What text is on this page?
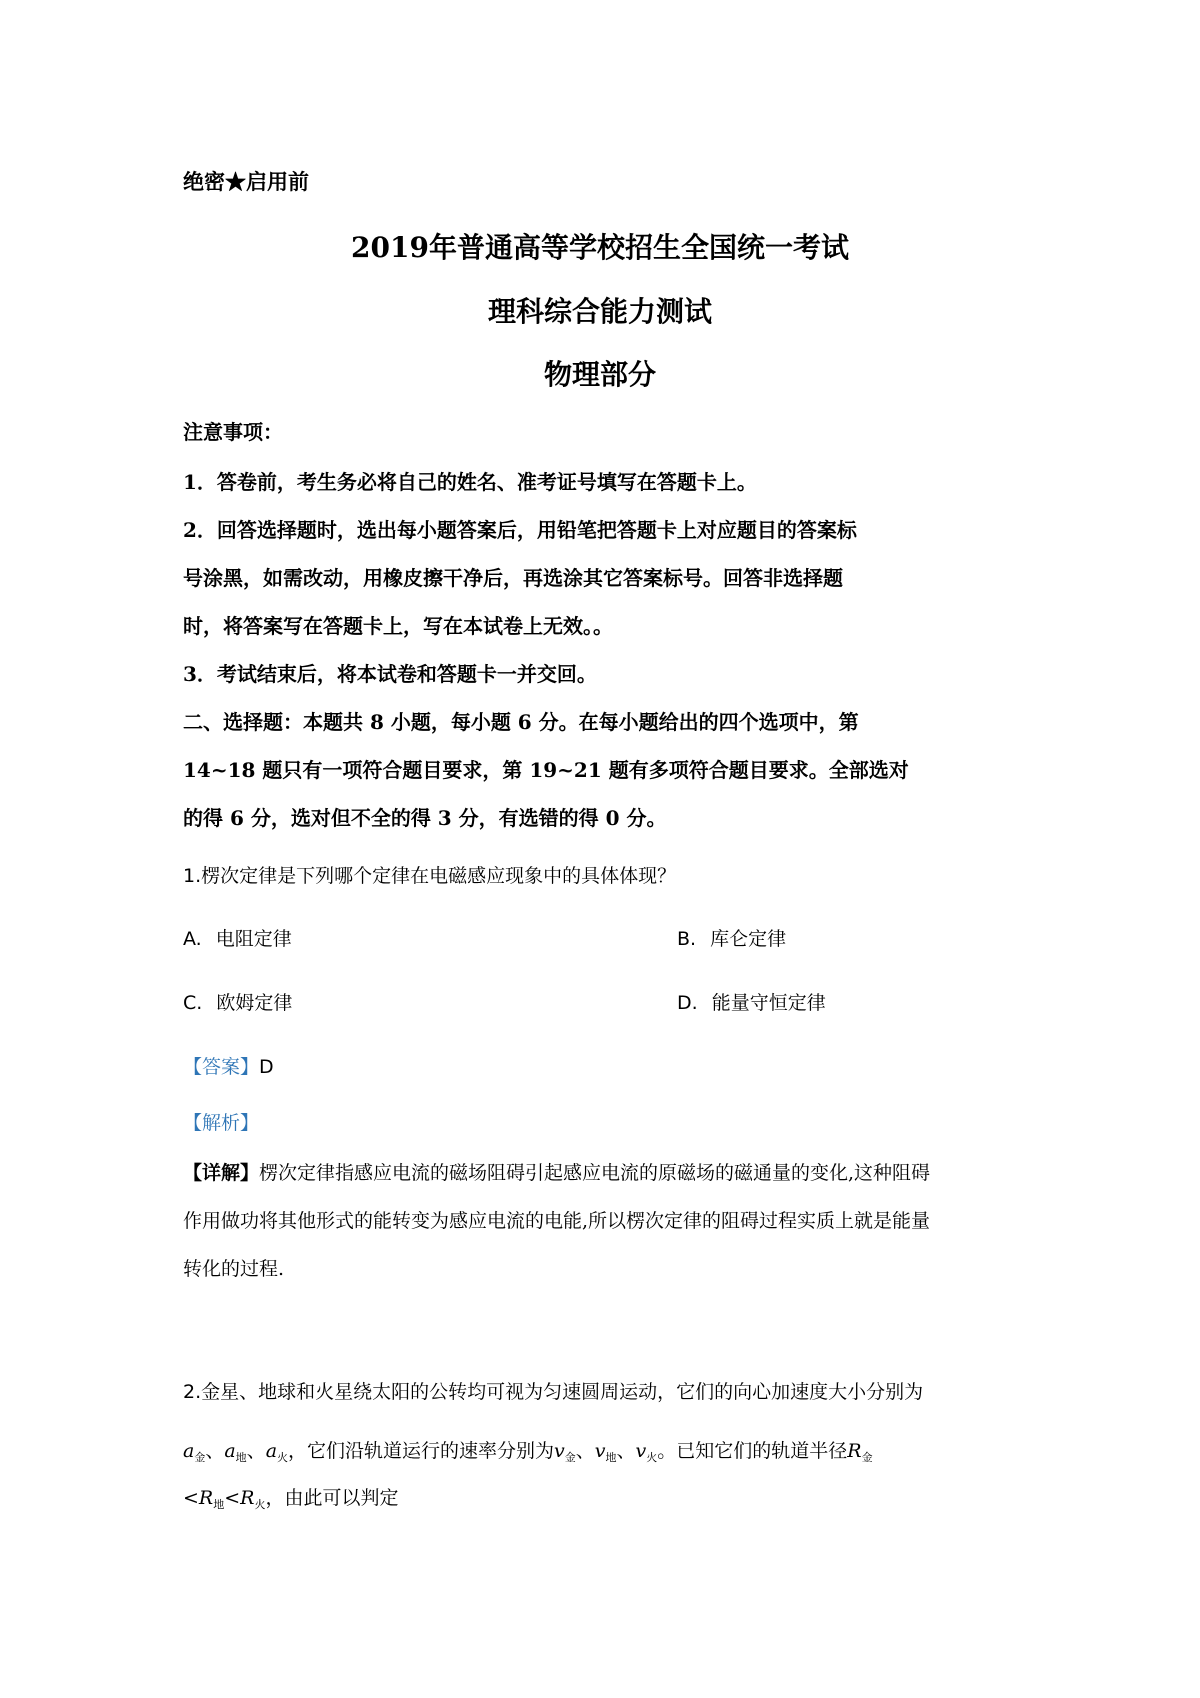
绝密★启用前
2019年普通高等学校招生全国统一考试
理科综合能力测试
物理部分
注意事项：
1．答卷前，考生务必将自己的姓名、准考证号填写在答题卡上。
2．回答选择题时，选出每小题答案后，用铅笔把答题卡上对应题目的答案标
号涂黑，如需改动，用橡皮擦干净后，再选涂其它答案标号。回答非选择题
时，将答案写在答题卡上，写在本试卷上无效。。
3．考试结束后，将本试卷和答题卡一并交回。
二、选择题：本题共 8 小题，每小题 6 分。在每小题给出的四个选项中，第
14~18 题只有一项符合题目要求，第 19~21 题有多项符合题目要求。全部选对
的得 6 分，选对但不全的得 3 分，有选错的得 0 分。
1.楞次定律是下列哪个定律在电磁感应现象中的具体体现？
A. 电阻定律	B. 库仑定律
C. 欧姆定律	D. 能量守恒定律
【答案】D
【解析】
【详解】楞次定律指感应电流的磁场阻碍引起感应电流的原磁场的磁通量的变化,这种阻碍
作用做功将其他形式的能转变为感应电流的电能,所以楞次定律的阻碍过程实质上就是能量
转化的过程.
2.金星、地球和火星绕太阳的公转均可视为匀速圆周运动，它们的向心加速度大小分别为
$a_金$、$a_地$、$a_火$，它们沿轨道运行的速率分别为$v_金$、$v_地$、$v_火$。已知它们的轨道半径$R_金$
$<R_地<R_火$，由此可以判定
